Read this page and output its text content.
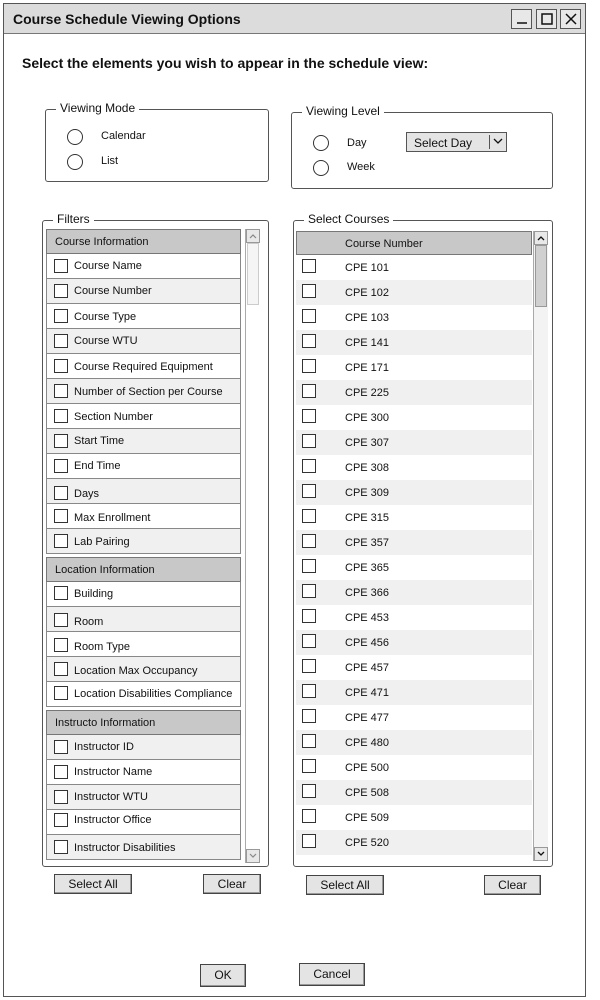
Course Schedule Viewing Options
Select the elements you wish to appear in the schedule view:
Viewing Mode
Calendar
List
Viewing Level
Day
Week
Select Day
Filters
Course Information
Course Name
Course Number
Course Type
Course WTU
Course Required Equipment
Number of Section per Course
Section Number
Start Time
End Time
Days
Max Enrollment
Lab Pairing
Location Information
Building
Room
Room Type
Location Max Occupancy
Location Disabilities Compliance
Instructo Information
Instructor ID
Instructor Name
Instructor WTU
Instructor Office
Instructor Disabilities
Select Courses
Course Number
CPE 101
CPE 102
CPE 103
CPE 141
CPE 171
CPE 225
CPE 300
CPE 307
CPE 308
CPE 309
CPE 315
CPE 357
CPE 365
CPE 366
CPE 453
CPE 456
CPE 457
CPE 471
CPE 477
CPE 480
CPE 500
CPE 508
CPE 509
CPE 520
Select All	Clear	Select All	Clear
OK	Cancel
